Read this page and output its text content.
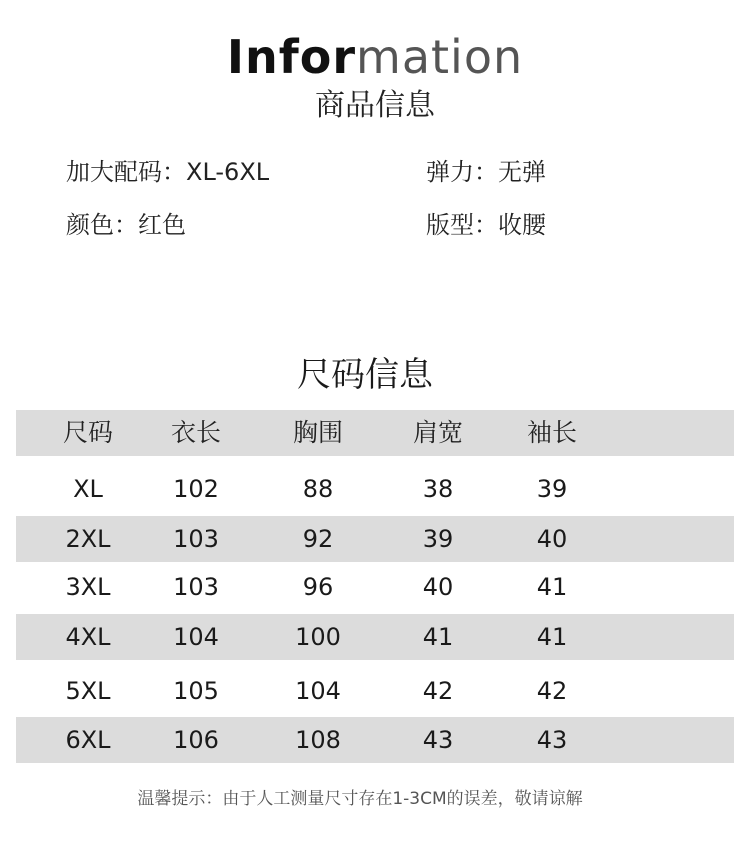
Information
商品信息
加大配码：XL-6XL	弹力：无弹
颜色：红色	版型：收腰
尺码信息
尺码	衣长	胸围	肩宽	袖长
XL	102	88	38	39
2XL	103	92	39	40
3XL	103	96	40	41
4XL	104	100	41	41
5XL	105	104	42	42
6XL	106	108	43	43
温馨提示：由于人工测量尺寸存在1-3CM的误差，敬请谅解
